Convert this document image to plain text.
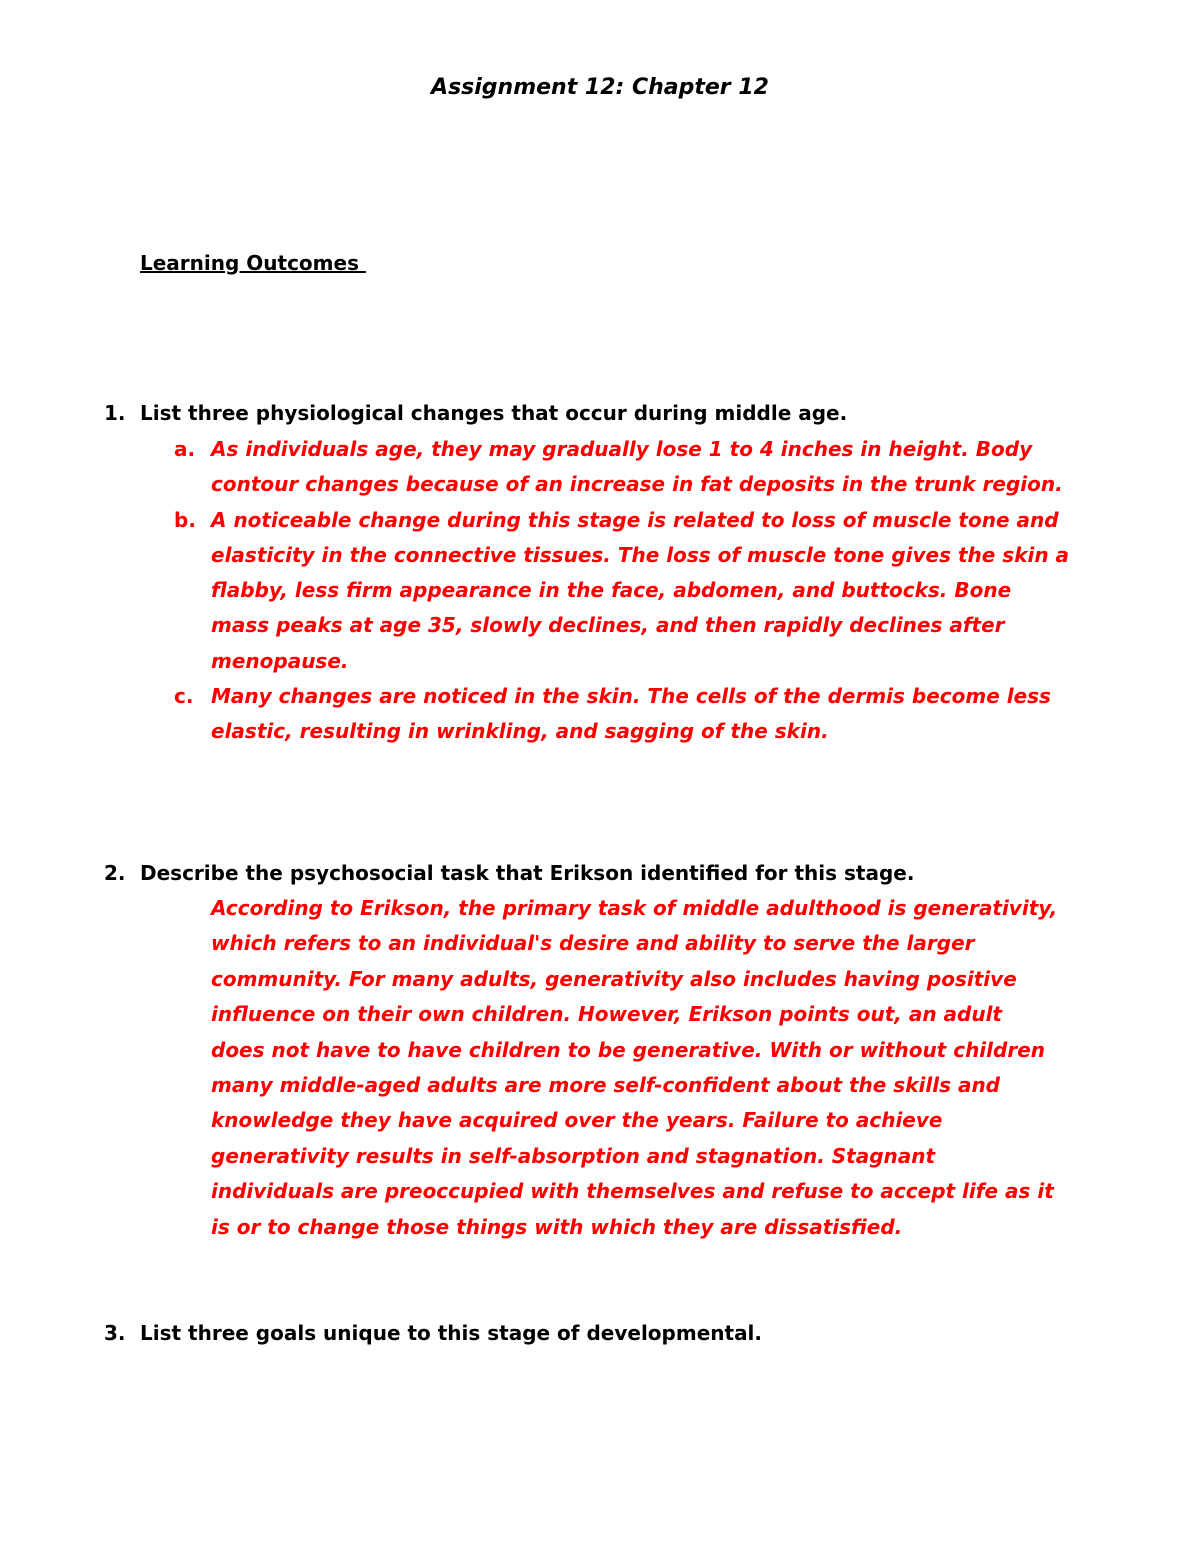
Assignment 12: Chapter 12
Learning Outcomes
1. List three physiological changes that occur during middle age.
a. As individuals age, they may gradually lose 1 to 4 inches in height. Body contour changes because of an increase in fat deposits in the trunk region.
b. A noticeable change during this stage is related to loss of muscle tone and elasticity in the connective tissues. The loss of muscle tone gives the skin a flabby, less firm appearance in the face, abdomen, and buttocks. Bone mass peaks at age 35, slowly declines, and then rapidly declines after menopause.
c. Many changes are noticed in the skin. The cells of the dermis become less elastic, resulting in wrinkling, and sagging of the skin.
2. Describe the psychosocial task that Erikson identified for this stage.
According to Erikson, the primary task of middle adulthood is generativity, which refers to an individual's desire and ability to serve the larger community. For many adults, generativity also includes having positive influence on their own children. However, Erikson points out, an adult does not have to have children to be generative. With or without children many middle-aged adults are more self-confident about the skills and knowledge they have acquired over the years. Failure to achieve generativity results in self-absorption and stagnation. Stagnant individuals are preoccupied with themselves and refuse to accept life as it is or to change those things with which they are dissatisfied.
3. List three goals unique to this stage of developmental.
